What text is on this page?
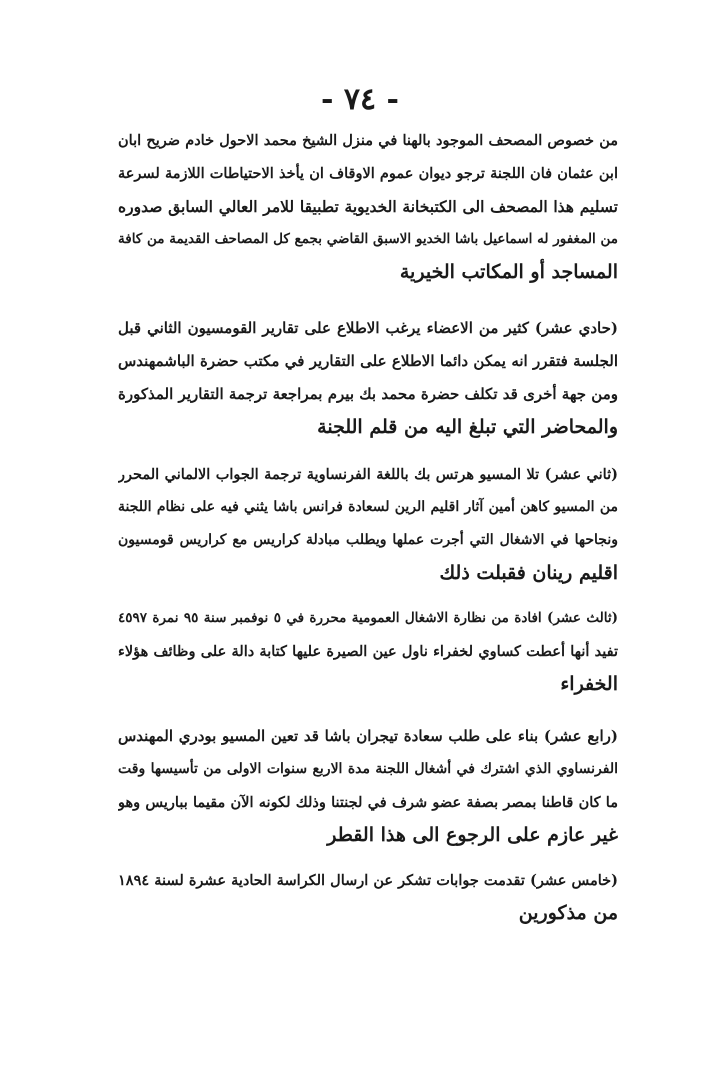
- ٧٤ -
من خصوص المصحف الموجود بالهنا في منزل الشيخ محمد الاحول خادم ضريح ابان
ابن عثمان فان اللجنة ترجو ديوان عموم الاوقاف ان يأخذ الاحتياطات اللازمة لسرعة
تسليم هذا المصحف الى الكتبخانة الخديوية تطبيقا للامر العالي السابق صدوره
من المغفور له اسماعيل باشا الخديو الاسبق القاضي بجمع كل المصاحف القديمة من كافة
المساجد أو المكاتب الخيرية
(حادي عشر) كثير من الاعضاء يرغب الاطلاع على تقارير القومسيون الثاني قبل
الجلسة فتقرر انه يمكن دائما الاطلاع على التقارير في مكتب حضرة الباشمهندس
ومن جهة أخرى قد تكلف حضرة محمد بك بيرم بمراجعة ترجمة التقارير المذكورة
والمحاضر التي تبلغ اليه من قلم اللجنة
(ثاني عشر) تلا المسيو هرتس بك باللغة الفرنساوية ترجمة الجواب الالماني المحرر
من المسيو كاهن أمين آثار اقليم الرين لسعادة فرانس باشا يثني فيه على نظام اللجنة
ونجاحها في الاشغال التي أجرت عملها ويطلب مبادلة كراريس مع كراريس قومسيون
اقليم رينان فقبلت ذلك
(ثالث عشر) افادة من نظارة الاشغال العمومية محررة في ٥ نوفمبر سنة ٩٥ نمرة ٤٥٩٧
تفيد أنها أعطت كساوي لخفراء ناول عين الصيرة عليها كتابة دالة على وظائف هؤلاء
الخفراء
(رابع عشر) بناء على طلب سعادة تيجران باشا قد تعين المسيو بودري المهندس
الفرنساوي الذي اشترك في أشغال اللجنة مدة الاربع سنوات الاولى من تأسيسها وقت
ما كان قاطنا بمصر بصفة عضو شرف في لجنتنا وذلك لكونه الآن مقيما بباريس وهو
غير عازم على الرجوع الى هذا القطر
(خامس عشر) تقدمت جوابات تشكر عن ارسال الكراسة الحادية عشرة لسنة ١٨٩٤
من مذكورين
